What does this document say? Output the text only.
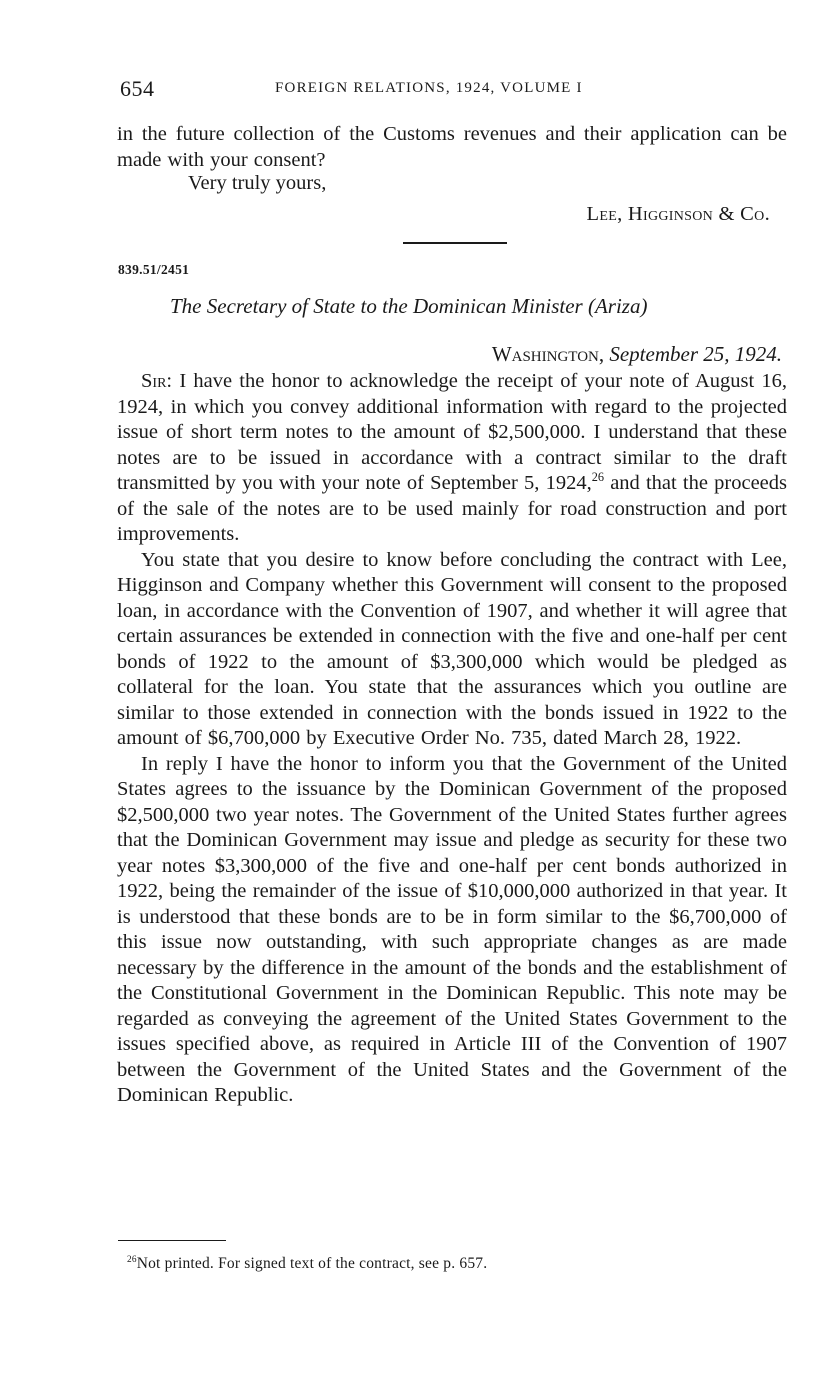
654	FOREIGN RELATIONS, 1924, VOLUME I

in the future collection of the Customs revenues and their application can be made with your consent?

Very truly yours,
Lee, Higginson & Co.
839.51/2451
The Secretary of State to the Dominican Minister (Ariza)
Washington, September 25, 1924.

Sir: I have the honor to acknowledge the receipt of your note of August 16, 1924, in which you convey additional information with regard to the projected issue of short term notes to the amount of $2,500,000. I understand that these notes are to be issued in accordance with a contract similar to the draft transmitted by you with your note of September 5, 1924,26 and that the proceeds of the sale of the notes are to be used mainly for road construction and port improvements.

You state that you desire to know before concluding the contract with Lee, Higginson and Company whether this Government will consent to the proposed loan, in accordance with the Convention of 1907, and whether it will agree that certain assurances be extended in connection with the five and one-half per cent bonds of 1922 to the amount of $3,300,000 which would be pledged as collateral for the loan. You state that the assurances which you outline are similar to those extended in connection with the bonds issued in 1922 to the amount of $6,700,000 by Executive Order No. 735, dated March 28, 1922.

In reply I have the honor to inform you that the Government of the United States agrees to the issuance by the Dominican Government of the proposed $2,500,000 two year notes. The Government of the United States further agrees that the Dominican Government may issue and pledge as security for these two year notes $3,300,000 of the five and one-half per cent bonds authorized in 1922, being the remainder of the issue of $10,000,000 authorized in that year. It is understood that these bonds are to be in form similar to the $6,700,000 of this issue now outstanding, with such appropriate changes as are made necessary by the difference in the amount of the bonds and the establishment of the Constitutional Government in the Dominican Republic. This note may be regarded as conveying the agreement of the United States Government to the issues specified above, as required in Article III of the Convention of 1907 between the Government of the United States and the Government of the Dominican Republic.

$^{26}$Not printed. For signed text of the contract, see p. 657.
